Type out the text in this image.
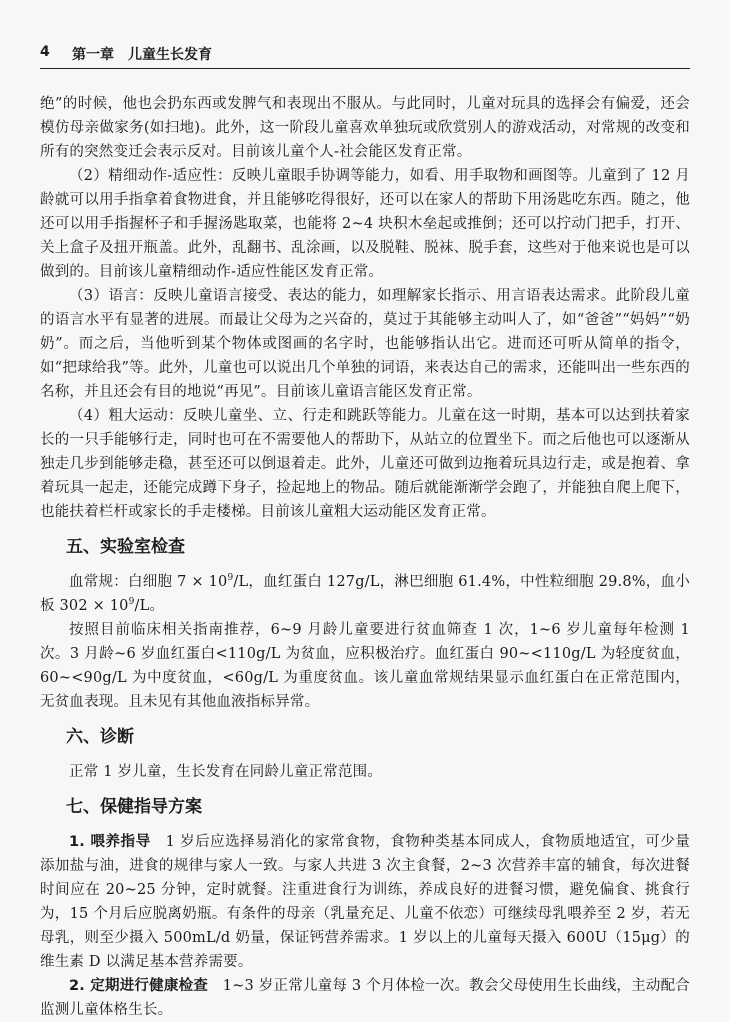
4 第一章　儿童生长发育

绝”的时候，他也会扔东西或发脾气和表现出不服从。与此同时，儿童对玩具的选择会有偏爱，还会模仿母亲做家务(如扫地)。此外，这一阶段儿童喜欢单独玩或欣赏别人的游戏活动，对常规的改变和所有的突然变迁会表示反对。目前该儿童个人-社会能区发育正常。

（2）精细动作-适应性：反映儿童眼手协调等能力，如看、用手取物和画图等。儿童到了 12 月龄就可以用手指拿着食物进食，并且能够吃得很好，还可以在家人的帮助下用汤匙吃东西。随之，他还可以用手指握杯子和手握汤匙取菜，也能将 2~4 块积木垒起或推倒；还可以拧动门把手，打开、关上盒子及扭开瓶盖。此外，乱翻书、乱涂画，以及脱鞋、脱袜、脱手套，这些对于他来说也是可以做到的。目前该儿童精细动作-适应性能区发育正常。

（3）语言：反映儿童语言接受、表达的能力，如理解家长指示、用言语表达需求。此阶段儿童的语言水平有显著的进展。而最让父母为之兴奋的，莫过于其能够主动叫人了，如“爸爸”“妈妈”“奶奶”。而之后，当他听到某个物体或图画的名字时，也能够指认出它。进而还可听从简单的指令，如“把球给我”等。此外，儿童也可以说出几个单独的词语，来表达自己的需求，还能叫出一些东西的名称，并且还会有目的地说“再见”。目前该儿童语言能区发育正常。

（4）粗大运动：反映儿童坐、立、行走和跳跃等能力。儿童在这一时期，基本可以达到扶着家长的一只手能够行走，同时也可在不需要他人的帮助下，从站立的位置坐下。而之后他也可以逐渐从独走几步到能够走稳，甚至还可以倒退着走。此外，儿童还可做到边拖着玩具边行走，或是抱着、拿着玩具一起走，还能完成蹲下身子，捡起地上的物品。随后就能渐渐学会跑了，并能独自爬上爬下，也能扶着栏杆或家长的手走楼梯。目前该儿童粗大运动能区发育正常。

五、实验室检查

血常规：白细胞 $7 \times 10^9/L$，血红蛋白 127g/L，淋巴细胞 61.4%，中性粒细胞 29.8%，血小板 $302 \times 10^9/L$。

按照目前临床相关指南推荐，6~9 月龄儿童要进行贫血筛查 1 次，1~6 岁儿童每年检测 1 次。3 月龄~6 岁血红蛋白<110g/L 为贫血，应积极治疗。血红蛋白 90~<110g/L 为轻度贫血，60~<90g/L 为中度贫血，<60g/L 为重度贫血。该儿童血常规结果显示血红蛋白在正常范围内，无贫血表现。且未见有其他血液指标异常。

六、诊断

正常 1 岁儿童，生长发育在同龄儿童正常范围。

七、保健指导方案

1. 喂养指导　1 岁后应选择易消化的家常食物，食物种类基本同成人，食物质地适宜，可少量添加盐与油，进食的规律与家人一致。与家人共进 3 次主食餐，2~3 次营养丰富的辅食，每次进餐时间应在 20~25 分钟，定时就餐。注重进食行为训练，养成良好的进餐习惯，避免偏食、挑食行为，15 个月后应脱离奶瓶。有条件的母亲（乳量充足、儿童不依恋）可继续母乳喂养至 2 岁，若无母乳，则至少摄入 500mL/d 奶量，保证钙营养需求。1 岁以上的儿童每天摄入 600U（15μg）的维生素 D 以满足基本营养需要。

2. 定期进行健康检查　1~3 岁正常儿童每 3 个月体检一次。教会父母使用生长曲线，主动配合监测儿童体格生长。
